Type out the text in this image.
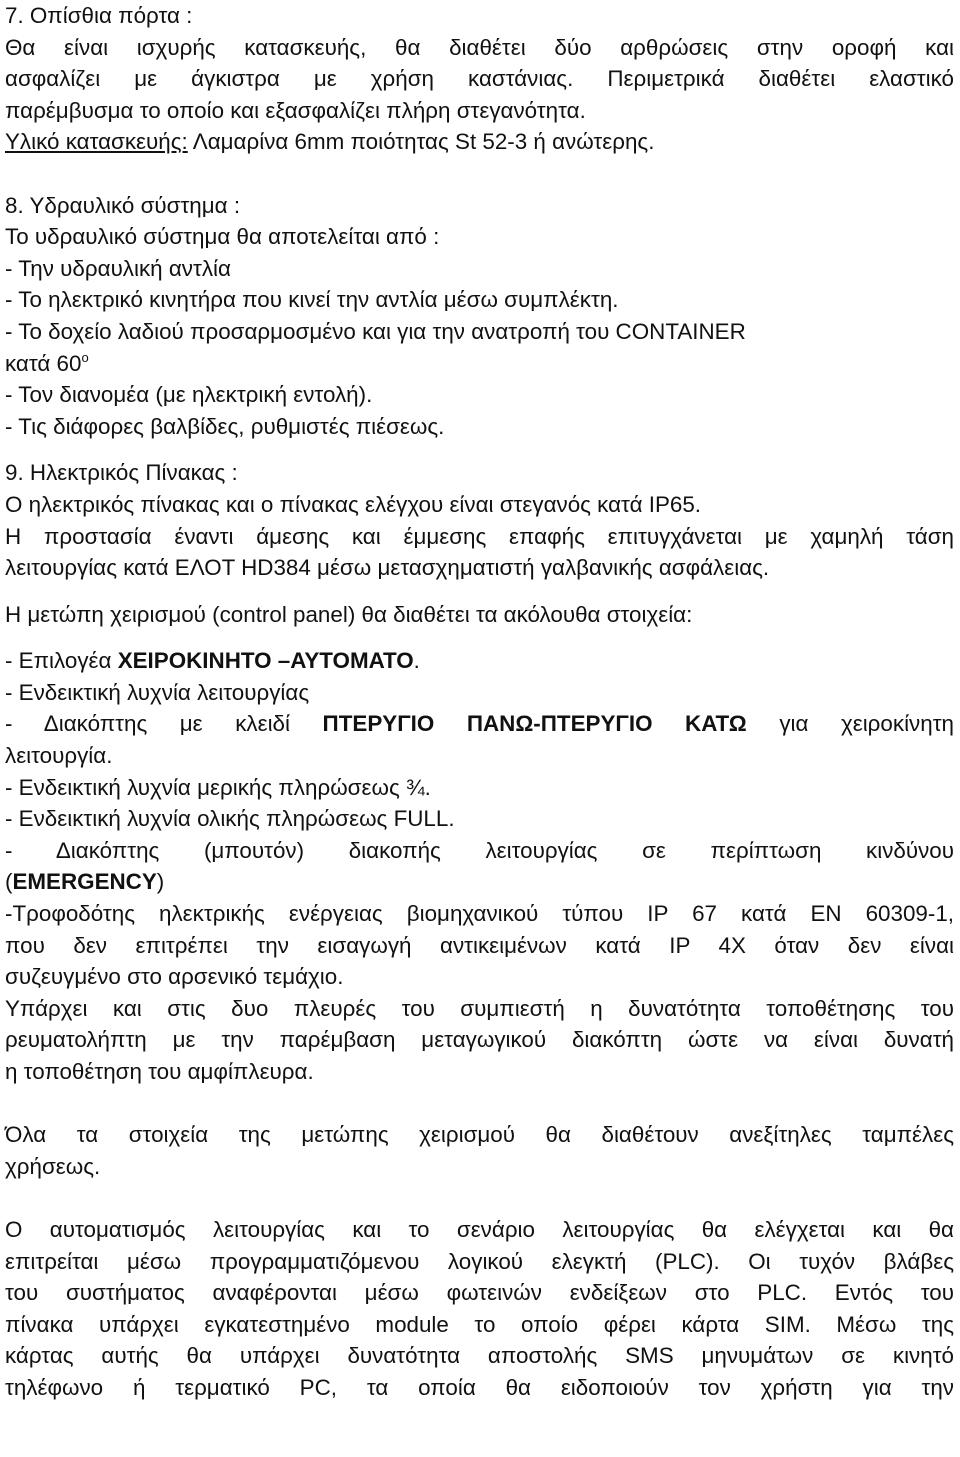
7. Οπίσθια πόρτα :
Θα είναι ισχυρής κατασκευής, θα διαθέτει δύο αρθρώσεις στην οροφή και
ασφαλίζει με άγκιστρα με χρήση καστάνιας. Περιμετρικά διαθέτει ελαστικό
παρέμβυσμα το οποίο και εξασφαλίζει πλήρη στεγανότητα.
Υλικό κατασκευής: Λαμαρίνα 6mm ποιότητας St 52-3 ή ανώτερης.
8. Υδραυλικό σύστημα :
Το υδραυλικό σύστημα θα αποτελείται από :
- Την υδραυλική αντλία
- Το ηλεκτρικό κινητήρα που κινεί την αντλία μέσω συμπλέκτη.
- Το δοχείο λαδιού προσαρμοσμένο και για την ανατροπή του CONTAINER
κατά $60^o$
- Τον διανομέα (με ηλεκτρική εντολή).
- Τις διάφορες βαλβίδες, ρυθμιστές πιέσεως.
9. Ηλεκτρικός Πίνακας :
Ο ηλεκτρικός πίνακας και ο πίνακας ελέγχου είναι στεγανός κατά IP65.
Η προστασία έναντι άμεσης και έμμεσης επαφής επιτυγχάνεται με χαμηλή τάση
λειτουργίας κατά ΕΛΟΤ HD384 μέσω μετασχηματιστή γαλβανικής ασφάλειας.
Η μετώπη χειρισμού (control panel) θα διαθέτει τα ακόλουθα στοιχεία:
- Επιλογέα ΧΕΙΡΟΚΙΝΗΤΟ –ΑΥΤΟΜΑΤΟ.
- Ενδεικτική λυχνία λειτουργίας
- Διακόπτης με κλειδί ΠΤΕΡΥΓΙΟ ΠΑΝΩ-ΠΤΕΡΥΓΙΟ ΚΑΤΩ για χειροκίνητη
λειτουργία.
- Ενδεικτική λυχνία μερικής πληρώσεως ¾.
- Ενδεικτική λυχνία ολικής πληρώσεως FULL.
- Διακόπτης (μπουτόν) διακοπής λειτουργίας σε περίπτωση κινδύνου
(EMERGENCY)
-Τροφοδότης ηλεκτρικής ενέργειας βιομηχανικού τύπου IP 67 κατά EN 60309-1,
που δεν επιτρέπει την εισαγωγή αντικειμένων κατά IP 4X όταν δεν είναι
συζευγμένο στο αρσενικό τεμάχιο.
Υπάρχει και στις δυο πλευρές του συμπιεστή η δυνατότητα τοποθέτησης του
ρευματολήπτη με την παρέμβαση μεταγωγικού διακόπτη ώστε να είναι δυνατή
η τοποθέτηση του αμφίπλευρα.
Όλα τα στοιχεία της μετώπης χειρισμού θα διαθέτουν ανεξίτηλες ταμπέλες
χρήσεως.
Ο αυτοματισμός λειτουργίας και το σενάριο λειτουργίας θα ελέγχεται και θα
επιτρείται μέσω προγραμματιζόμενου λογικού ελεγκτή (PLC). Οι τυχόν βλάβες
του συστήματος αναφέρονται μέσω φωτεινών ενδείξεων στο PLC. Εντός του
πίνακα υπάρχει εγκατεστημένο module το οποίο φέρει κάρτα SIM. Μέσω της
κάρτας αυτής θα υπάρχει δυνατότητα αποστολής SMS μηνυμάτων σε κινητό
τηλέφωνο ή τερματικό PC, τα οποία θα ειδοποιούν τον χρήστη για την
